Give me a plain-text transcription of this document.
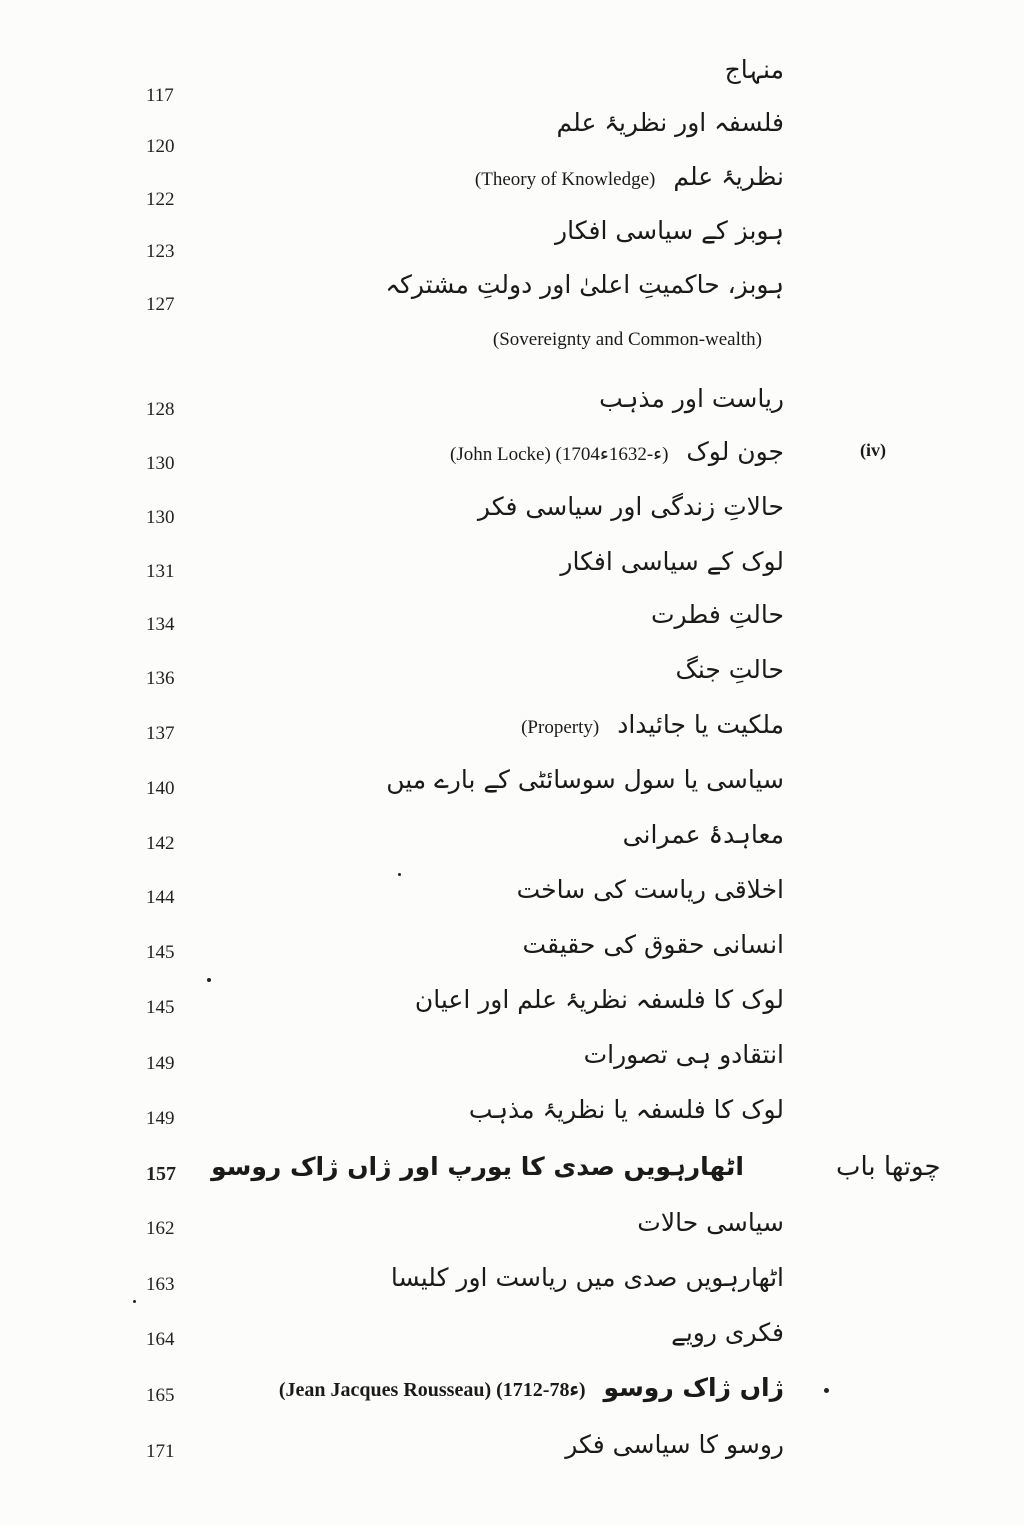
منہاج
فلسفہ اور نظریۂ علم
نظریۂ علم(Theory of Knowledge)
ہوبز کے سیاسی افکار
ہوبز، حاکمیتِ اعلیٰ اور دولتِ مشترکہ
(Sovereignty and Common-wealth)
ریاست اور مذہب
جون لوک(John Locke) (1704ء-1632ء)
حالاتِ زندگی اور سیاسی فکر
لوک کے سیاسی افکار
حالتِ فطرت
حالتِ جنگ
ملکیت یا جائیداد(Property)
سیاسی یا سول سوسائٹی کے بارے میں
معاہدۂ عمرانی
اخلاقی ریاست کی ساخت
انسانی حقوق کی حقیقت
لوک کا فلسفہ نظریۂ علم اور اعیان
انتقادو ہی تصورات
لوک کا فلسفہ یا نظریۂ مذہب
اٹھارہویں صدی کا یورپ اور ژاں ژاک روسو
سیاسی حالات
اٹھارہویں صدی میں ریاست اور کلیسا
فکری رویے
ژاں ژاک روسو(Jean Jacques Rousseau) (1712-78ء)
روسو کا سیاسی فکر
117
120
122
123
127
128
130
130
131
134
136
137
140
142
144
145
145
149
149
157
162
163
164
165
171
(iv)
چوتھا باب
